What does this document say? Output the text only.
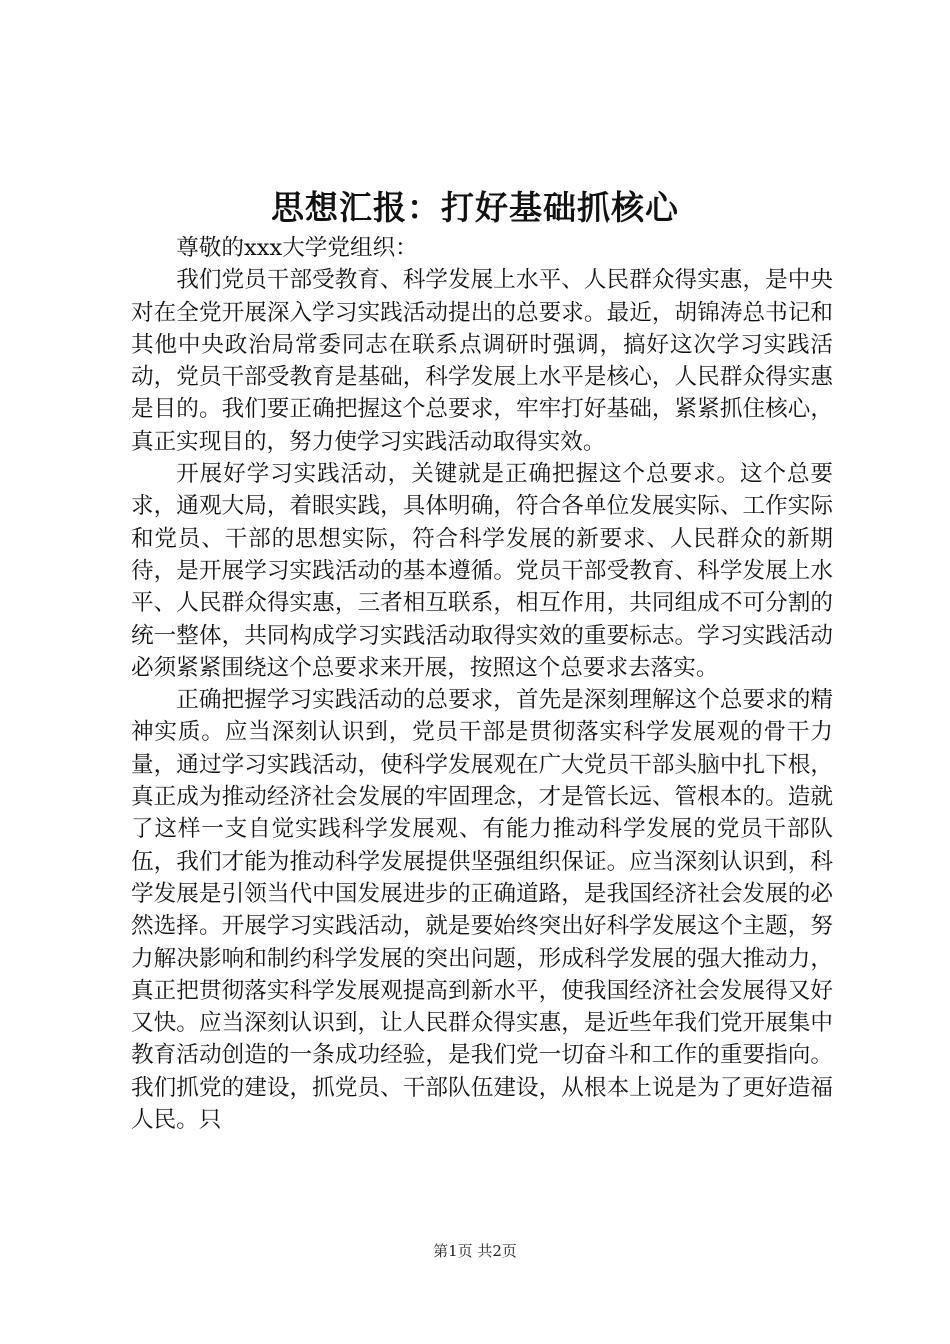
思想汇报：打好基础抓核心

尊敬的xxx大学党组织：

我们党员干部受教育、科学发展上水平、人民群众得实惠，是中央对在全党开展深入学习实践活动提出的总要求。最近，胡锦涛总书记和其他中央政治局常委同志在联系点调研时强调，搞好这次学习实践活动，党员干部受教育是基础，科学发展上水平是核心，人民群众得实惠是目的。我们要正确把握这个总要求，牢牢打好基础，紧紧抓住核心，真正实现目的，努力使学习实践活动取得实效。

开展好学习实践活动，关键就是正确把握这个总要求。这个总要求，通观大局，着眼实践，具体明确，符合各单位发展实际、工作实际和党员、干部的思想实际，符合科学发展的新要求、人民群众的新期待，是开展学习实践活动的基本遵循。党员干部受教育、科学发展上水平、人民群众得实惠，三者相互联系，相互作用，共同组成不可分割的统一整体，共同构成学习实践活动取得实效的重要标志。学习实践活动必须紧紧围绕这个总要求来开展，按照这个总要求去落实。

正确把握学习实践活动的总要求，首先是深刻理解这个总要求的精神实质。应当深刻认识到，党员干部是贯彻落实科学发展观的骨干力量，通过学习实践活动，使科学发展观在广大党员干部头脑中扎下根，真正成为推动经济社会发展的牢固理念，才是管长远、管根本的。造就了这样一支自觉实践科学发展观、有能力推动科学发展的党员干部队伍，我们才能为推动科学发展提供坚强组织保证。应当深刻认识到，科学发展是引领当代中国发展进步的正确道路，是我国经济社会发展的必然选择。开展学习实践活动，就是要始终突出好科学发展这个主题，努力解决影响和制约科学发展的突出问题，形成科学发展的强大推动力，真正把贯彻落实科学发展观提高到新水平，使我国经济社会发展得又好又快。应当深刻认识到，让人民群众得实惠，是近些年我们党开展集中教育活动创造的一条成功经验，是我们党一切奋斗和工作的重要指向。我们抓党的建设，抓党员、干部队伍建设，从根本上说是为了更好造福人民。只

第1页 共2页
